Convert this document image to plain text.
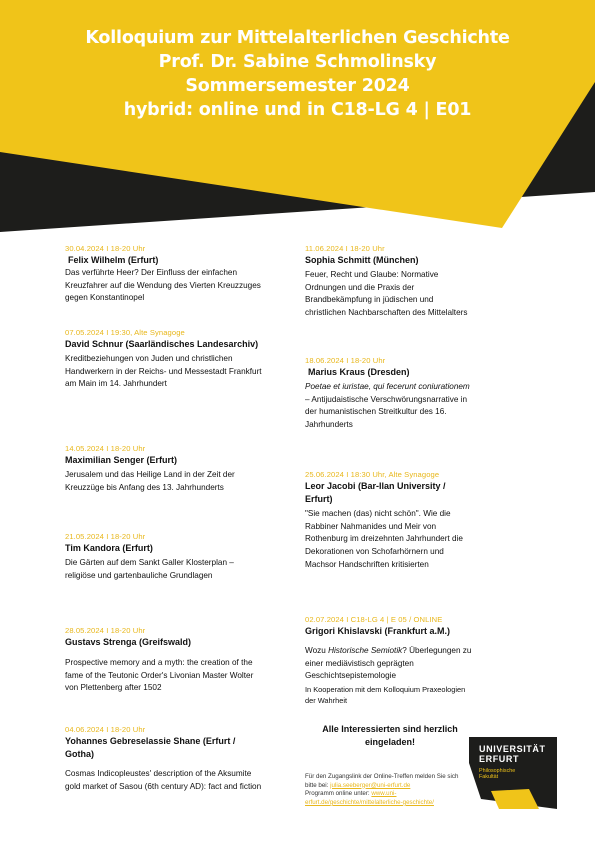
Kolloquium zur Mittelalterlichen Geschichte
Prof. Dr. Sabine Schmolinsky
Sommersemester 2024
hybrid: online und in C18-LG 4 | E01
30.04.2024 I 18-20 Uhr
Felix Wilhelm (Erfurt)
Das verführte Heer? Der Einfluss der einfachen Kreuzfahrer auf die Wendung des Vierten Kreuzzuges gegen Konstantinopel
07.05.2024 I 19:30, Alte Synagoge
David Schnur (Saarländisches Landesarchiv)
Kreditbeziehungen von Juden und christlichen Handwerkern in der Reichs- und Messestadt Frankfurt am Main im 14. Jahrhundert
14.05.2024 I 18-20 Uhr
Maximilian Senger (Erfurt)
Jerusalem und das Heilige Land in der Zeit der Kreuzzüge bis Anfang des 13. Jahrhunderts
21.05.2024 I 18-20 Uhr
Tim Kandora (Erfurt)
Die Gärten auf dem Sankt Galler Klosterplan – religiöse und gartenbauliche Grundlagen
28.05.2024 I 18-20 Uhr
Gustavs Strenga (Greifswald)
Prospective memory and a myth: the creation of the fame of the Teutonic Order's Livonian Master Wolter von Plettenberg after 1502
04.06.2024 I 18-20 Uhr
Yohannes Gebreselassie Shane (Erfurt / Gotha)
Cosmas Indicopleustes' description of the Aksumite gold market of Sasou (6th century AD): fact and fiction
11.06.2024 I 18-20 Uhr
Sophia Schmitt (München)
Feuer, Recht und Glaube: Normative Ordnungen und die Praxis der Brandbekämpfung in jüdischen und christlichen Nachbarschaften des Mittelalters
18.06.2024 I 18-20 Uhr
Marius Kraus (Dresden)
Poetae et iuristae, qui fecerunt coniurationem – Antijudaistische Verschwörungsnarrative in der humanistischen Streitkultur des 16. Jahrhunderts
25.06.2024 I 18:30 Uhr, Alte Synagoge
Leor Jacobi (Bar-Ilan University / Erfurt)
"Sie machen (das) nicht schön". Wie die Rabbiner Nahmanides und Meir von Rothenburg im dreizehnten Jahrhundert die Dekorationen von Schofarhörnern und Machsor Handschriften kritisierten
02.07.2024 I C18-LG 4 | E 05 / ONLINE
Grigori Khislavski (Frankfurt a.M.)
Wozu Historische Semiotik? Überlegungen zu einer mediävistisch geprägten Geschichtsepistemologie
In Kooperation mit dem Kolloquium Praxeologien der Wahrheit
Alle Interessierten sind herzlich eingeladen!
Für den Zugangslink der Online-Treffen melden Sie sich bitte bei: julia.seeberger@uni-erfurt.de
Programm online unter: www.uni-erfurt.de/geschichte/mittelalterliche-geschichte/
UNIVERSITÄT
ERFURT
Philosophische
Fakultät
